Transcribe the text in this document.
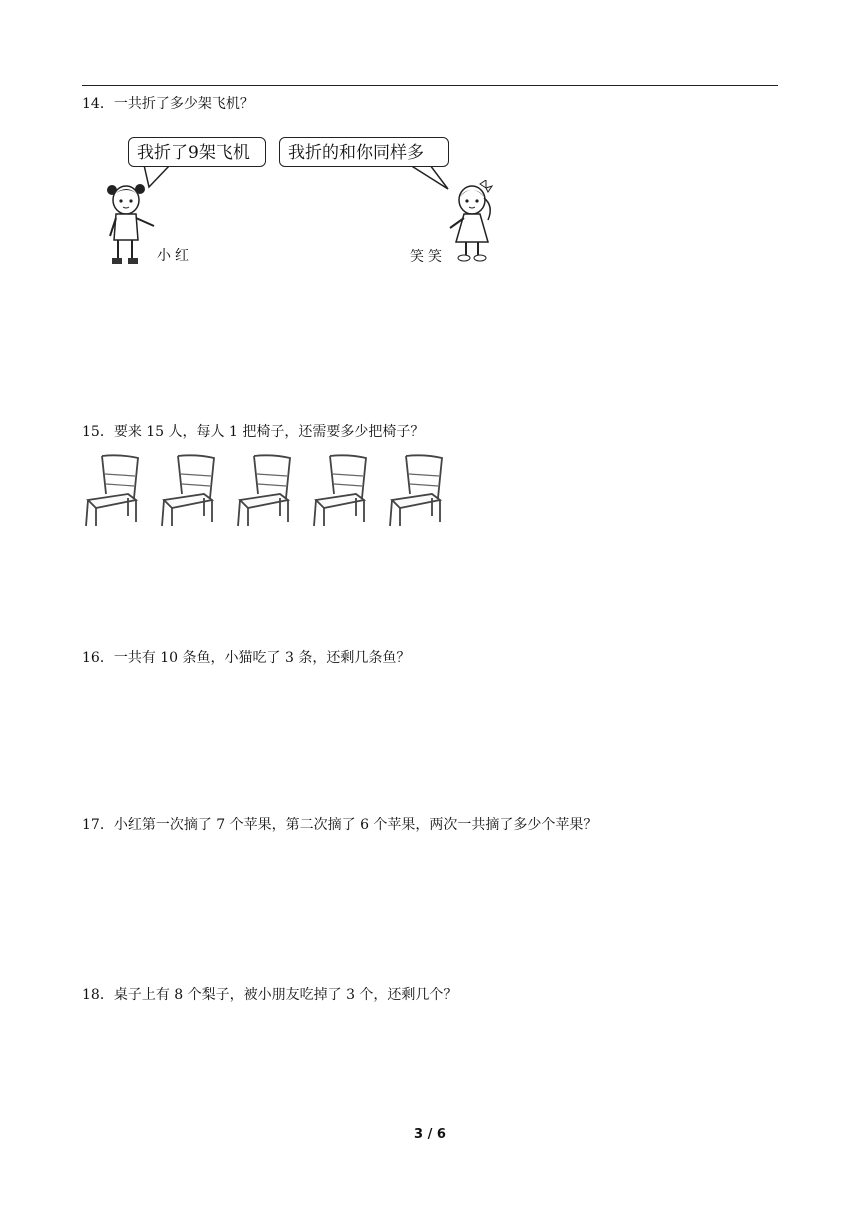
14．一共折了多少架飞机？
我折了9架飞机	我折的和你同样多
小红	笑笑
15．要来 15 人，每人 1 把椅子，还需要多少把椅子？
16．一共有 10 条鱼，小猫吃了 3 条，还剩几条鱼？
17．小红第一次摘了 7 个苹果，第二次摘了 6 个苹果，两次一共摘了多少个苹果？
18．桌子上有 8 个梨子，被小朋友吃掉了 3 个，还剩几个？
3 / 6
